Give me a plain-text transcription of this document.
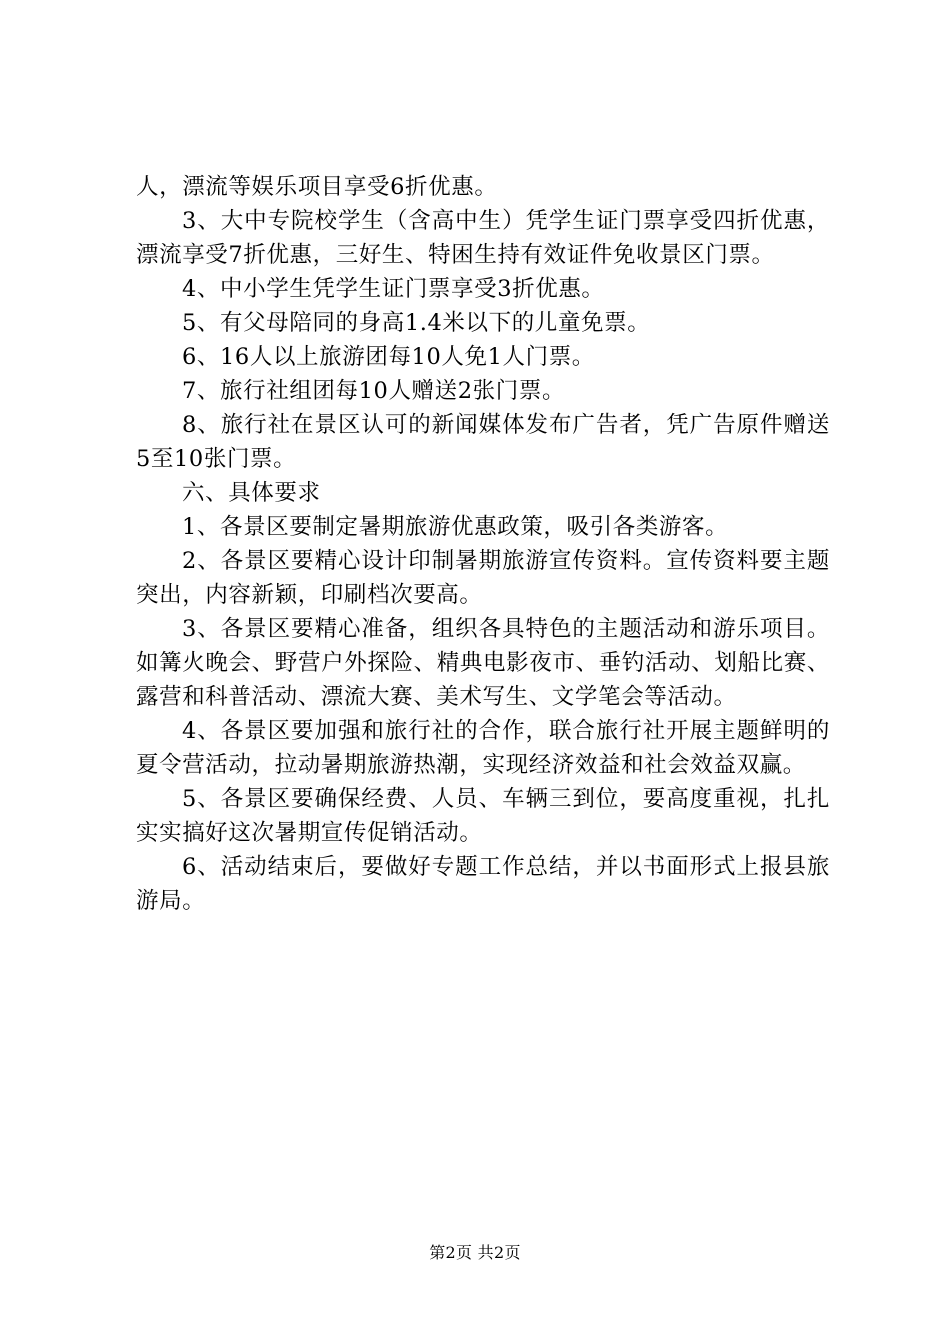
人，漂流等娱乐项目享受6折优惠。

3、大中专院校学生（含高中生）凭学生证门票享受四折优惠，漂流享受7折优惠，三好生、特困生持有效证件免收景区门票。

4、中小学生凭学生证门票享受3折优惠。

5、有父母陪同的身高1.4米以下的儿童免票。

6、16人以上旅游团每10人免1人门票。

7、旅行社组团每10人赠送2张门票。

8、旅行社在景区认可的新闻媒体发布广告者，凭广告原件赠送5至10张门票。

六、具体要求

1、各景区要制定暑期旅游优惠政策，吸引各类游客。

2、各景区要精心设计印制暑期旅游宣传资料。宣传资料要主题突出，内容新颖，印刷档次要高。

3、各景区要精心准备，组织各具特色的主题活动和游乐项目。如篝火晚会、野营户外探险、精典电影夜市、垂钓活动、划船比赛、露营和科普活动、漂流大赛、美术写生、文学笔会等活动。

4、各景区要加强和旅行社的合作，联合旅行社开展主题鲜明的夏令营活动，拉动暑期旅游热潮，实现经济效益和社会效益双赢。

5、各景区要确保经费、人员、车辆三到位，要高度重视，扎扎实实搞好这次暑期宣传促销活动。

6、活动结束后，要做好专题工作总结，并以书面形式上报县旅游局。

第2页 共2页
